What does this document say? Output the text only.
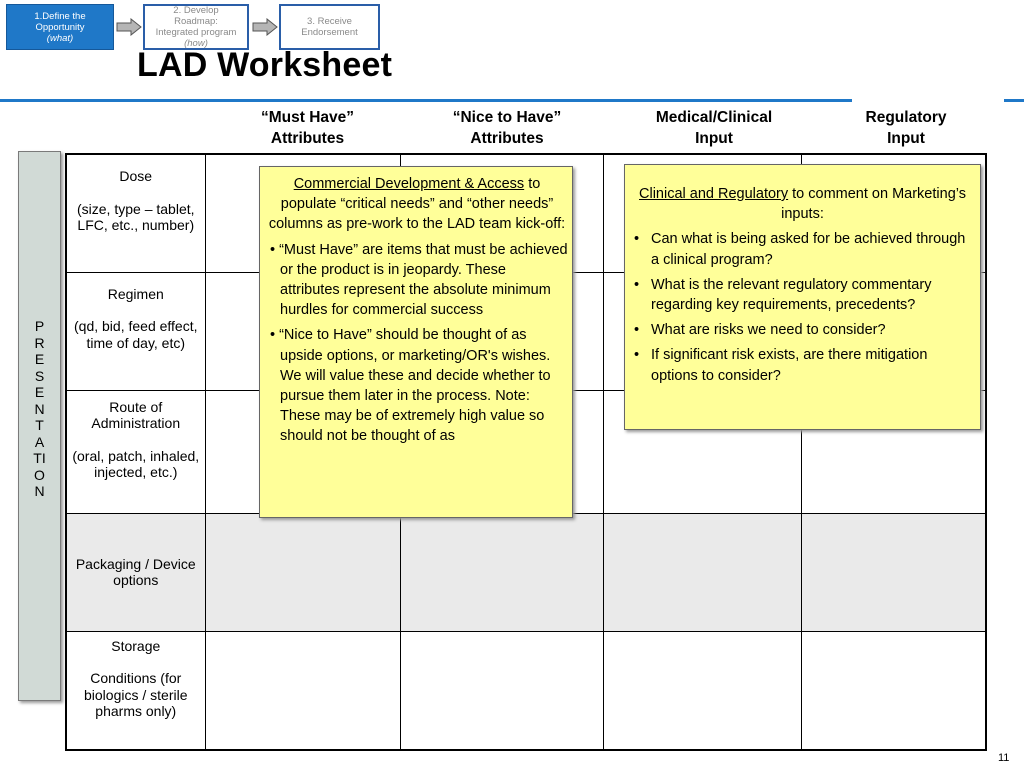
1.Define the
Opportunity
(what)
2. Develop
Roadmap:
Integrated program
(how)
3. Receive
Endorsement
LAD Worksheet
“Must Have”
Attributes
“Nice to Have”
Attributes
Medical/Clinical
Input
Regulatory
Input
PRESENTATION
Dose
(size, type – tablet, LFC, etc., number)				

Regimen
(qd, bid, feed effect, time of day, etc)				

Route of Administration
(oral, patch, inhaled, injected, etc.)				

Packaging / Device options				

Storage
Conditions (for biologics / sterile pharms only)				

Commercial Development & Access to populate “critical needs” and “other needs” columns as pre-work to the LAD team kick-off:
• “Must Have” are items that must be achieved or the product is in jeopardy. These attributes represent the absolute minimum hurdles for commercial success
• “Nice to Have” should be thought of as upside options, or marketing/OR's wishes. We will value these and decide whether to pursue them later in the process. Note: These may be of extremely high value so should not be thought of as
Clinical and Regulatory to comment on Marketing’s inputs:
• Can what is being asked for be achieved through a clinical program?
• What is the relevant regulatory commentary regarding key requirements, precedents?
• What are risks we need to consider?
• If significant risk exists, are there mitigation options to consider?
11
